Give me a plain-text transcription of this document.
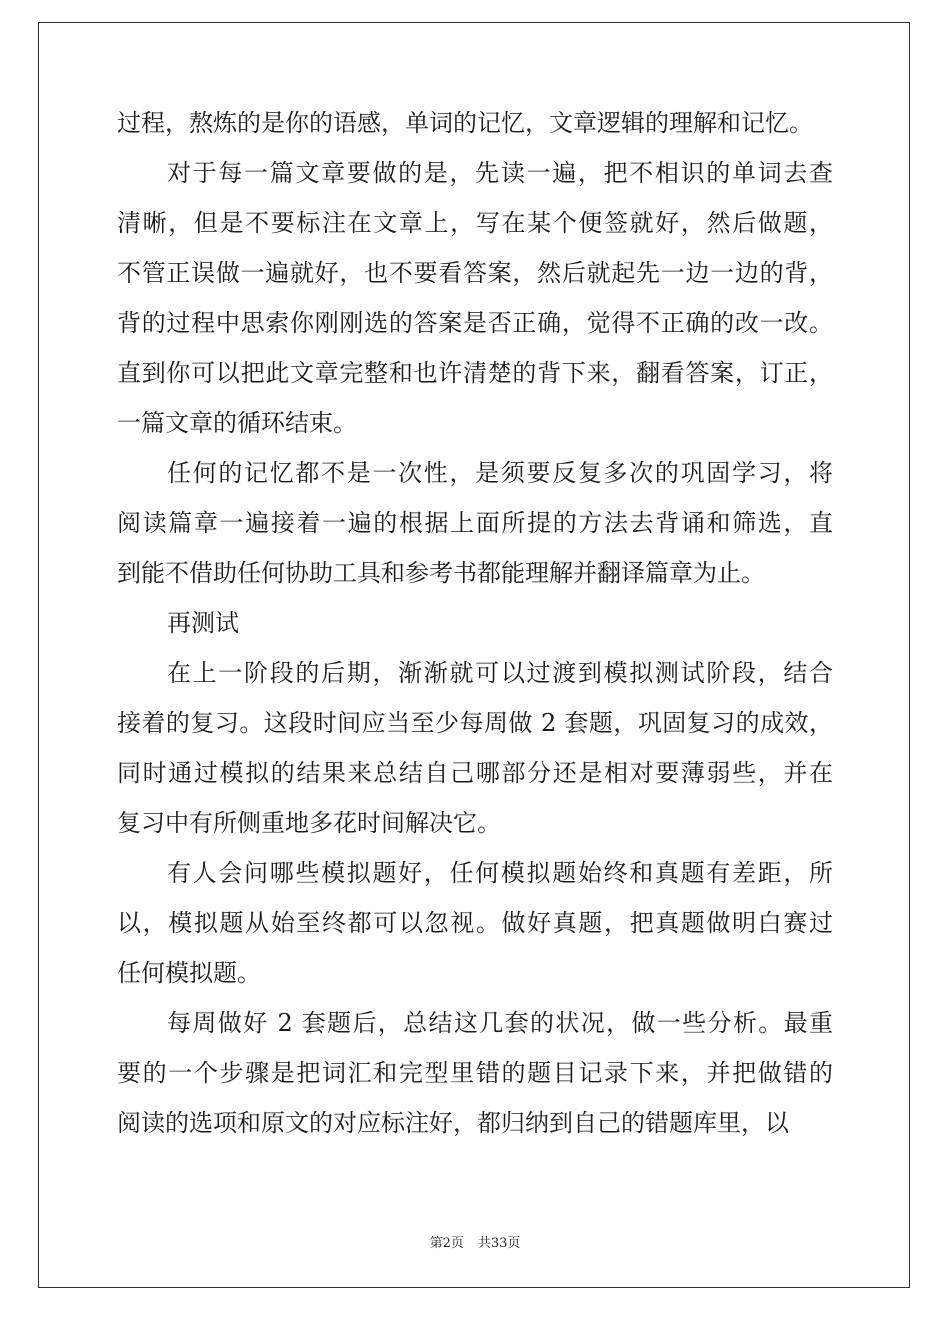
过程，熬炼的是你的语感，单词的记忆，文章逻辑的理解和记忆。
对于每一篇文章要做的是，先读一遍，把不相识的单词去查
清晰，但是不要标注在文章上，写在某个便签就好，然后做题，
不管正误做一遍就好，也不要看答案，然后就起先一边一边的背，
背的过程中思索你刚刚选的答案是否正确，觉得不正确的改一改。
直到你可以把此文章完整和也许清楚的背下来，翻看答案，订正，
一篇文章的循环结束。
任何的记忆都不是一次性，是须要反复多次的巩固学习，将
阅读篇章一遍接着一遍的根据上面所提的方法去背诵和筛选，直
到能不借助任何协助工具和参考书都能理解并翻译篇章为止。
再测试
在上一阶段的后期，渐渐就可以过渡到模拟测试阶段，结合
接着的复习。这段时间应当至少每周做 2 套题，巩固复习的成效，
同时通过模拟的结果来总结自己哪部分还是相对要薄弱些，并在
复习中有所侧重地多花时间解决它。
有人会问哪些模拟题好，任何模拟题始终和真题有差距，所
以，模拟题从始至终都可以忽视。做好真题，把真题做明白赛过
任何模拟题。
每周做好 2 套题后，总结这几套的状况，做一些分析。最重
要的一个步骤是把词汇和完型里错的题目记录下来，并把做错的
阅读的选项和原文的对应标注好，都归纳到自己的错题库里，以
第2页 共33页
